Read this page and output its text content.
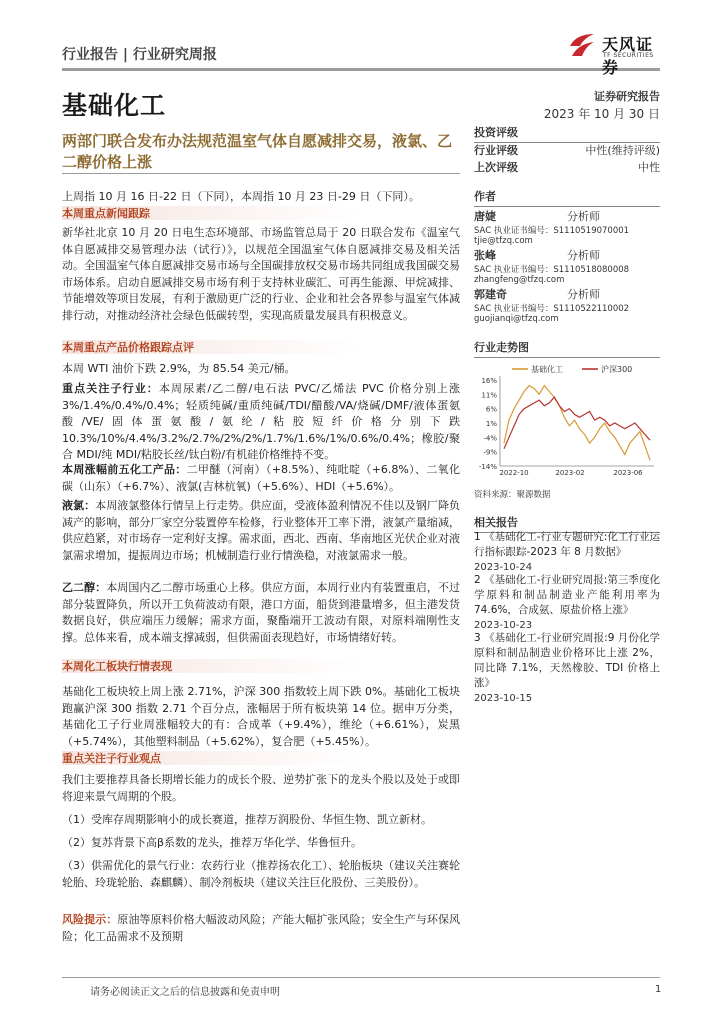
行业报告 | 行业研究周报
天风证券
TF SECURITIES
基础化工	证券研究报告
2023 年 10 月 30 日
两部门联合发布办法规范温室气体自愿减排交易，液氯、乙二醇价格上涨
上周指 10 月 16 日-22 日（下同），本周指 10 月 23 日-29 日（下同）。
本周重点新闻跟踪
新华社北京 10 月 20 日电生态环境部、市场监管总局于 20 日联合发布《温室气体自愿减排交易管理办法（试行）》，以规范全国温室气体自愿减排交易及相关活动。全国温室气体自愿减排交易市场与全国碳排放权交易市场共同组成我国碳交易市场体系。启动自愿减排交易市场有利于支持林业碳汇、可再生能源、甲烷减排、节能增效等项目发展，有利于激励更广泛的行业、企业和社会各界参与温室气体减排行动，对推动经济社会绿色低碳转型，实现高质量发展具有积极意义。
本周重点产品价格跟踪点评
本周 WTI 油价下跌 2.9%，为 85.54 美元/桶。
重点关注子行业：本周尿素/乙二醇/电石法 PVC/乙烯法 PVC 价格分别上涨 3%/1.4%/0.4%/0.4%；轻质纯碱/重质纯碱/TDI/醋酸/VA/烧碱/DMF/液体蛋氨酸/VE/固体蛋氨酸/氨纶/粘胶短纤价格分别下跌 10.3%/10%/4.4%/3.2%/2.7%/2%/2%/1.7%/1.6%/1%/0.6%/0.4%；橡胶/聚合 MDI/纯 MDI/粘胶长丝/钛白粉/有机硅价格维持不变。
本周涨幅前五化工产品：二甲醚（河南）（+8.5%）、纯吡啶（+6.8%）、二氧化碳（山东）（+6.7%）、液氯(吉林杭氧)（+5.6%）、HDI（+5.6%）。
液氯：本周液氯整体行情呈上行走势。供应面，受液体盈利情况不佳以及钢厂降负减产的影响，部分厂家空分装置停车检修，行业整体开工率下滑，液氯产量缩减，供应趋紧，对市场存一定利好支撑。需求面，西北、西南、华南地区光伏企业对液氯需求增加，提振周边市场；机械制造行业行情涣稳，对液氯需求一般。
乙二醇：本周国内乙二醇市场重心上移。供应方面，本周行业内有装置重启，不过部分装置降负，所以开工负荷波动有限，港口方面，船货到港量增多，但主港发货数据良好，供应端压力缓解；需求方面，聚酯端开工波动有限，对原料端刚性支撑。总体来看，成本端支撑减弱，但供需面表现趋好，市场情绪好转。
本周化工板块行情表现
基础化工板块较上周上涨 2.71%，沪深 300 指数较上周下跌 0%。基础化工板块跑赢沪深 300 指数 2.71 个百分点，涨幅居于所有板块第 14 位。据申万分类，基础化工子行业周涨幅较大的有：合成革（+9.4%），维纶（+6.61%），炭黑（+5.74%），其他塑料制品（+5.62%），复合肥（+5.45%）。
重点关注子行业观点
我们主要推荐具备长期增长能力的成长个股、逆势扩张下的龙头个股以及处于或即将迎来景气周期的个股。
（1）受库存周期影响小的成长赛道，推荐万润股份、华恒生物、凯立新材。
（2）复苏背景下高β系数的龙头，推荐万华化学、华鲁恒升。
（3）供需优化的景气行业：农药行业（推荐扬农化工）、轮胎板块（建议关注赛轮轮胎、玲珑轮胎、森麒麟）、制冷剂板块（建议关注巨化股份、三美股份）。
风险提示：原油等原料价格大幅波动风险；产能大幅扩张风险；安全生产与环保风险；化工品需求不及预期
投资评级
行业评级	中性(维持评级)
上次评级	中性
作者
唐婕	分析师
SAC 执业证书编号：S1110519070001
tjie@tfzq.com
张峰	分析师
SAC 执业证书编号：S1110518080008
zhangfeng@tfzq.com
郭建奇	分析师
SAC 执业证书编号：S1110522110002
guojianqi@tfzq.com
行业走势图
基础化工	沪深300
16%
11%
6%
1%
-4%
-9%
-14%
2022-10	2023-02	2023-06
资料来源：聚源数据
相关报告
1 《基础化工-行业专题研究:化工行业运行指标跟踪-2023 年 8 月数据》
2023-10-24
2 《基础化工-行业研究周报:第三季度化学原料和制品制造业产能利用率为 74.6%，合成氨、原盐价格上涨》
2023-10-23
3 《基础化工-行业研究周报:9 月份化学原料和制品制造业价格环比上涨 2%，同比降 7.1%，天然橡胶、TDI 价格上涨》
2023-10-15
请务必阅读正文之后的信息披露和免责申明	1
